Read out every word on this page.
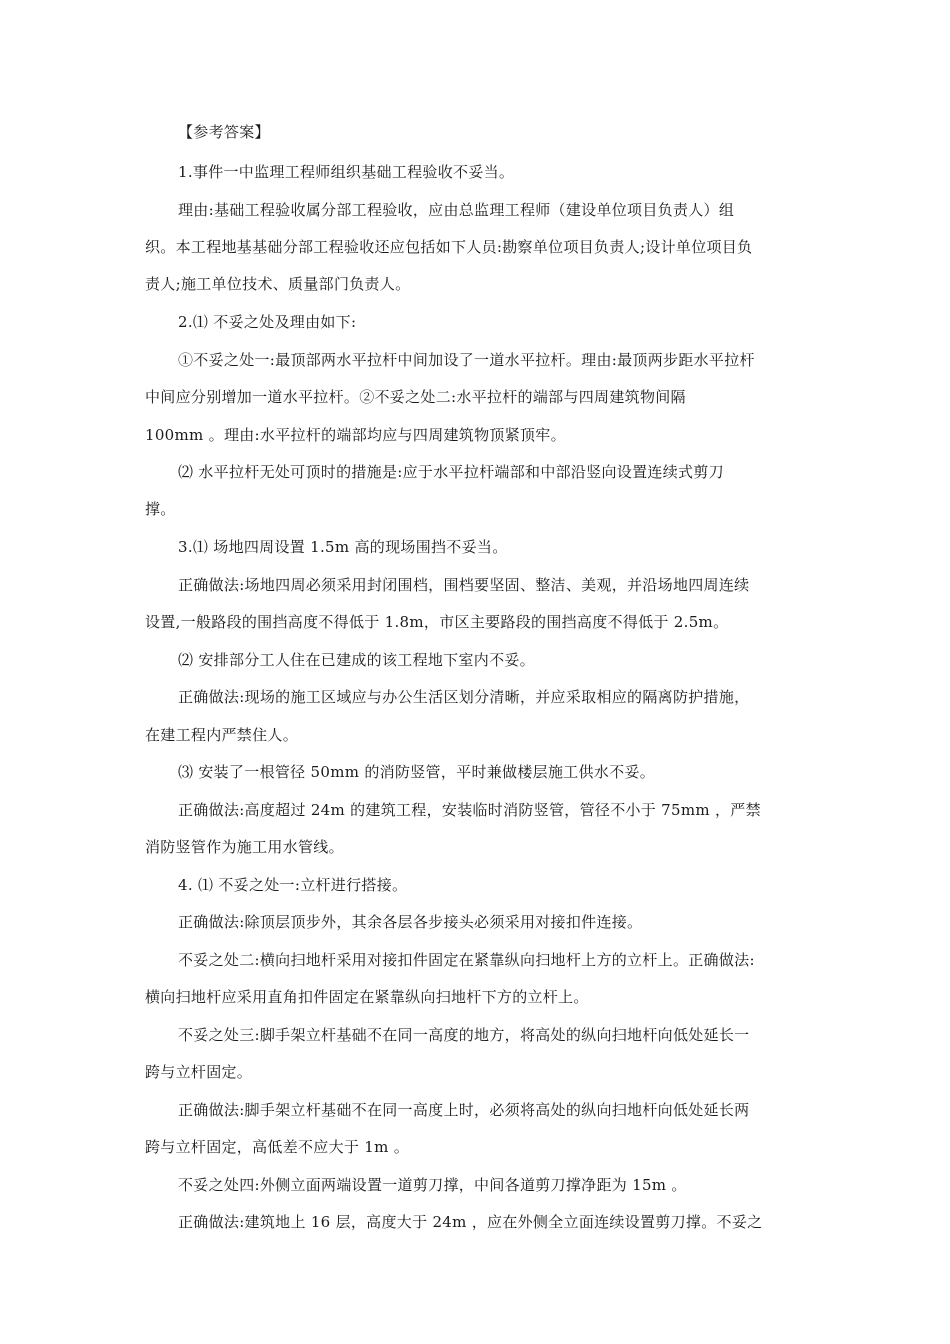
【参考答案】
1.事件一中监理工程师组织基础工程验收不妥当。
理由:基础工程验收属分部工程验收，应由总监理工程师（建设单位项目负责人）组
织。本工程地基基础分部工程验收还应包括如下人员:勘察单位项目负责人;设计单位项目负
责人;施工单位技术、质量部门负责人。
2.⑴ 不妥之处及理由如下:
①不妥之处一:最顶部两水平拉杆中间加设了一道水平拉杆。理由:最顶两步距水平拉杆
中间应分别增加一道水平拉杆。②不妥之处二:水平拉杆的端部与四周建筑物间隔
100mm 。理由:水平拉杆的端部均应与四周建筑物顶紧顶牢。
⑵ 水平拉杆无处可顶时的措施是:应于水平拉杆端部和中部沿竖向设置连续式剪刀
撑。
3.⑴ 场地四周设置 1.5m 高的现场围挡不妥当。
正确做法:场地四周必须采用封闭围档，围档要坚固、整洁、美观，并沿场地四周连续
设置,一般路段的围挡高度不得低于 1.8m，市区主要路段的围挡高度不得低于 2.5m。
⑵ 安排部分工人住在已建成的该工程地下室内不妥。
正确做法:现场的施工区域应与办公生活区划分清晰，并应采取相应的隔离防护措施，
在建工程内严禁住人。
⑶ 安装了一根管径 50mm 的消防竖管，平时兼做楼层施工供水不妥。
正确做法:高度超过 24m 的建筑工程，安装临时消防竖管，管径不小于 75mm ，严禁
消防竖管作为施工用水管线。
4. ⑴ 不妥之处一:立杆进行搭接。
正确做法:除顶层顶步外，其余各层各步接头必须采用对接扣件连接。
不妥之处二:横向扫地杆采用对接扣件固定在紧靠纵向扫地杆上方的立杆上。正确做法:
横向扫地杆应采用直角扣件固定在紧靠纵向扫地杆下方的立杆上。
不妥之处三:脚手架立杆基础不在同一高度的地方，将高处的纵向扫地杆向低处延长一
跨与立杆固定。
正确做法:脚手架立杆基础不在同一高度上时，必须将高处的纵向扫地杆向低处延长两
跨与立杆固定，高低差不应大于 1m 。
不妥之处四:外侧立面两端设置一道剪刀撑，中间各道剪刀撑净距为 15m 。
正确做法:建筑地上 16 层，高度大于 24m ，应在外侧全立面连续设置剪刀撑。不妥之
